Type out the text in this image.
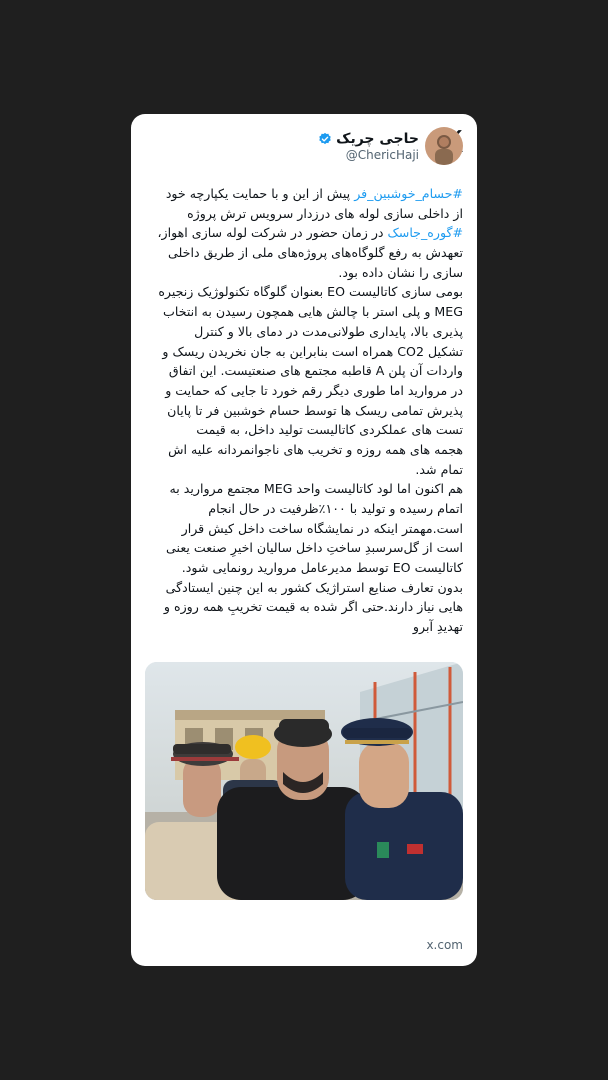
حاجی چریک
@ChericHaji
#حسام_خوشبین_فر پیش از این و با حمایت یکپارچه خود
از داخلی سازی لوله های درزدار سرویس ترش پروژه
#گوره_جاسک در زمان حضور در شرکت لوله سازی اهواز،
تعهدش به رفع گلوگاه‌های پروژه‌های ملی از طریق داخلی
سازی را نشان داده بود.
بومی سازی کاتالیست EO بعنوان گلوگاه تکنولوژیک زنجیره
MEG و پلی استر با چالش هایی همچون رسیدن به انتخاب
پذیری بالا، پایداری طولانی‌مدت در دمای بالا و کنترل
تشکیل CO2 همراه است بنابراین به جان نخریدن ریسک و
واردات آن پلن A قاطبه مجتمع های صنعتیست. این اتفاق
در مروارید اما طوری دیگر رقم خورد تا جایی که حمایت و
پذیرش تمامی ریسک ها توسط حسام خوشبین فر تا پایان
تست های عملکردی کاتالیست تولید داخل، به قیمت
هجمه های همه روزه و تخریب های ناجوانمردانه علیه اش
تمام شد.
هم اکنون اما لود کاتالیست واحد MEG مجتمع مروارید به
اتمام رسیده و تولید با ۱۰۰٪ظرفیت در حال انجام
است.مهمتر اینکه در نمایشگاه ساخت داخل کیش قرار
است از گل‌سرسبدِ ساختِ داخل سالیان اخیرِ صنعت یعنی
کاتالیست EO توسط مدیرعامل مروارید رونمایی شود.
بدون تعارف صنایع استراژیک کشور به این چنین ایستادگی
هایی نیاز دارند.حتی اگر شده به قیمت تخریبِ همه روزه و
تهدیدِ آبرو
x.com
